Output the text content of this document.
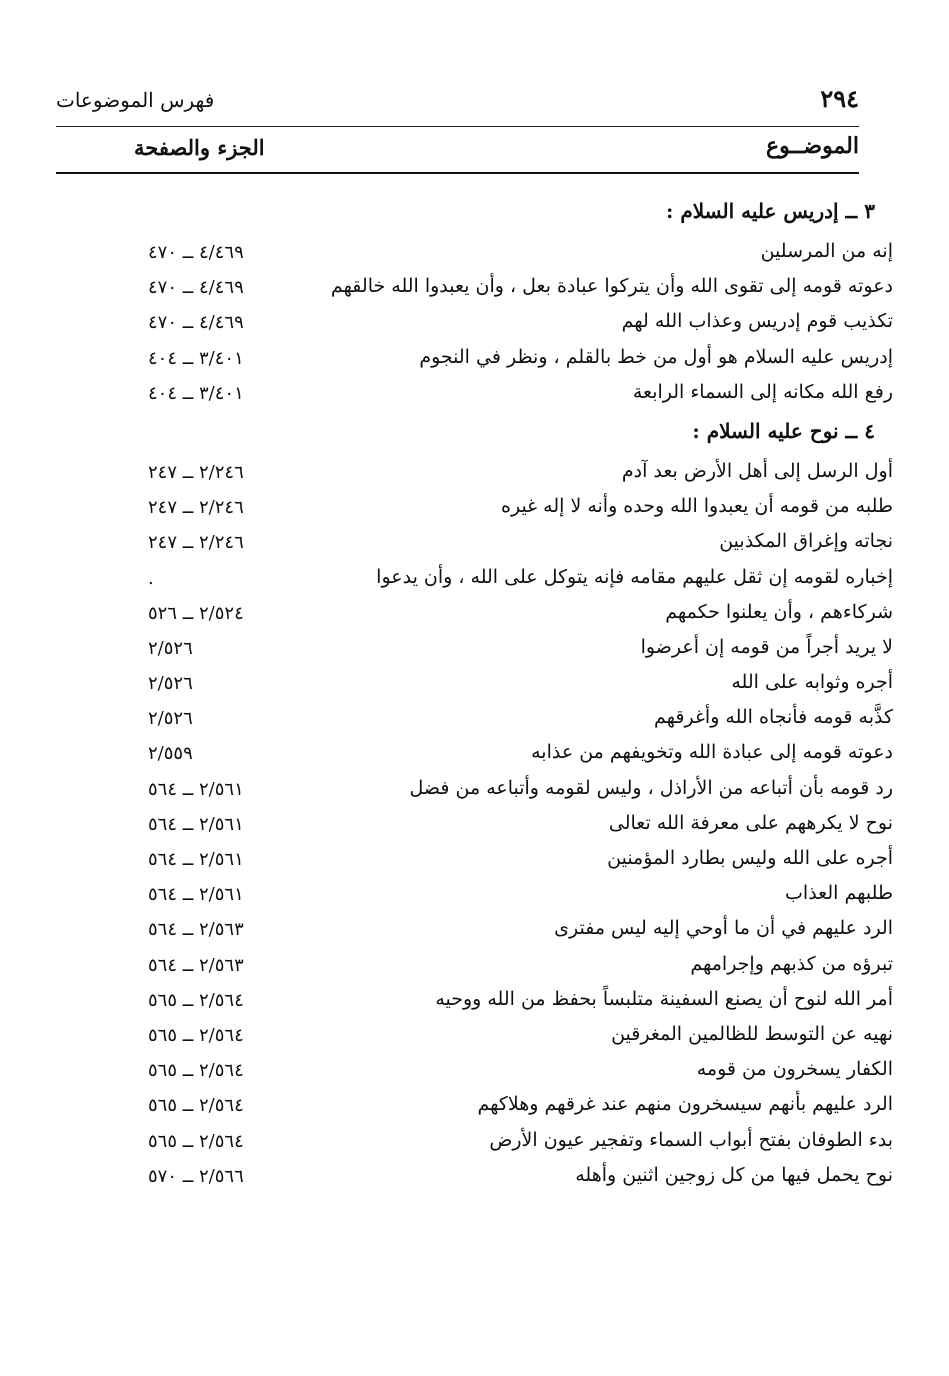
٢٩٤
فهرس الموضوعات
الموضــوع
الجزء والصفحة
٣ ــ إدريس عليه السلام :
إنه من المرسلين
٤/٤٦٩ ــ ٤٧٠
دعوته قومه إلى تقوى الله وأن يتركوا عبادة بعل ، وأن يعبدوا الله خالقهم
٤/٤٦٩ ــ ٤٧٠
تكذيب قوم إدريس وعذاب الله لهم
٤/٤٦٩ ــ ٤٧٠
إدريس عليه السلام هو أول من خط بالقلم ، ونظر في النجوم
٣/٤٠١ ــ ٤٠٤
رفع الله مكانه إلى السماء الرابعة
٣/٤٠١ ــ ٤٠٤
٤ ــ نوح عليه السلام :
أول الرسل إلى أهل الأرض بعد آدم
٢/٢٤٦ ــ ٢٤٧
طلبه من قومه أن يعبدوا الله وحده وأنه لا إله غيره
٢/٢٤٦ ــ ٢٤٧
نجاته وإغراق المكذبين
٢/٢٤٦ ــ ٢٤٧
إخباره لقومه إن ثقل عليهم مقامه فإنه يتوكل على الله ، وأن يدعوا
.
شركاءهم ، وأن يعلنوا حكمهم
٢/٥٢٤ ــ ٥٢٦
لا يريد أجراً من قومه إن أعرضوا
٢/٥٢٦
أجره وثوابه على الله
٢/٥٢٦
كذَّبه قومه فأنجاه الله وأغرقهم
٢/٥٢٦
دعوته قومه إلى عبادة الله وتخويفهم من عذابه
٢/٥٥٩
رد قومه بأن أتباعه من الأراذل ، وليس لقومه وأتباعه من فضل
٢/٥٦١ ــ ٥٦٤
نوح لا يكرههم على معرفة الله تعالى
٢/٥٦١ ــ ٥٦٤
أجره على الله وليس بطارد المؤمنين
٢/٥٦١ ــ ٥٦٤
طلبهم العذاب
٢/٥٦١ ــ ٥٦٤
الرد عليهم في أن ما أوحي إليه ليس مفترى
٢/٥٦٣ ــ ٥٦٤
تبرؤه من كذبهم وإجرامهم
٢/٥٦٣ ــ ٥٦٤
أمر الله لنوح أن يصنع السفينة متلبساً بحفظ من الله ووحيه
٢/٥٦٤ ــ ٥٦٥
نهيه عن التوسط للظالمين المغرقين
٢/٥٦٤ ــ ٥٦٥
الكفار يسخرون من قومه
٢/٥٦٤ ــ ٥٦٥
الرد عليهم بأنهم سيسخرون منهم عند غرقهم وهلاكهم
٢/٥٦٤ ــ ٥٦٥
بدء الطوفان بفتح أبواب السماء وتفجير عيون الأرض
٢/٥٦٤ ــ ٥٦٥
نوح يحمل فيها من كل زوجين اثنين وأهله
٢/٥٦٦ ــ ٥٧٠
